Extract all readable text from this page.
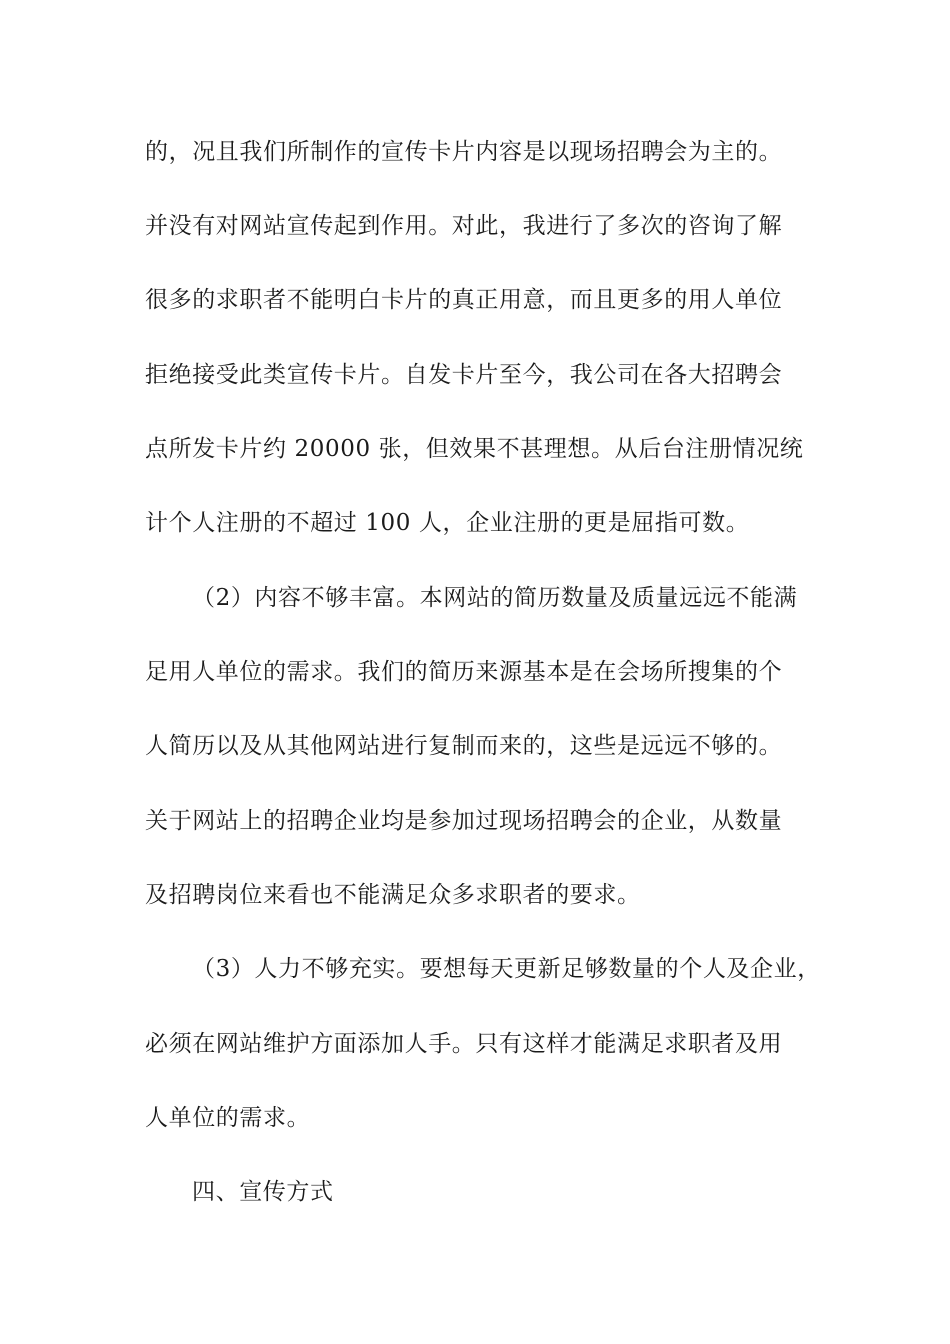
的，况且我们所制作的宣传卡片内容是以现场招聘会为主的。
并没有对网站宣传起到作用。对此，我进行了多次的咨询了解
很多的求职者不能明白卡片的真正用意，而且更多的用人单位
拒绝接受此类宣传卡片。自发卡片至今，我公司在各大招聘会
点所发卡片约 20000 张，但效果不甚理想。从后台注册情况统
计个人注册的不超过 100 人，企业注册的更是屈指可数。
（2）内容不够丰富。本网站的简历数量及质量远远不能满
足用人单位的需求。我们的简历来源基本是在会场所搜集的个
人简历以及从其他网站进行复制而来的，这些是远远不够的。
关于网站上的招聘企业均是参加过现场招聘会的企业，从数量
及招聘岗位来看也不能满足众多求职者的要求。
（3）人力不够充实。要想每天更新足够数量的个人及企业，
必须在网站维护方面添加人手。只有这样才能满足求职者及用
人单位的需求。
四、宣传方式
